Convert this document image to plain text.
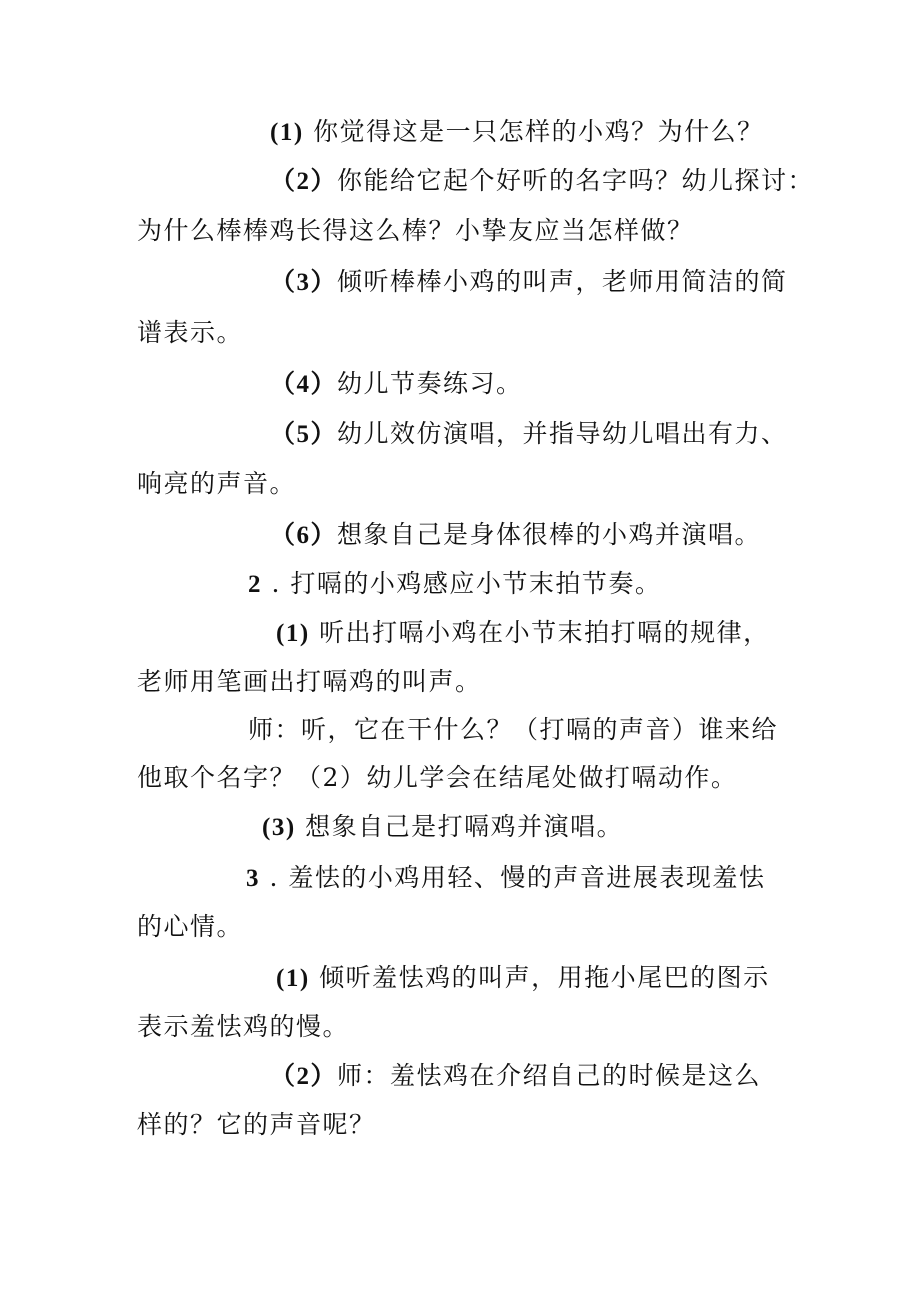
(1) 你觉得这是一只怎样的小鸡？为什么？
（2）你能给它起个好听的名字吗？幼儿探讨：
为什么棒棒鸡长得这么棒？小挚友应当怎样做？
（3）倾听棒棒小鸡的叫声，老师用简洁的简
谱表示。
（4）幼儿节奏练习。
（5）幼儿效仿演唱，并指导幼儿唱出有力、
响亮的声音。
（6）想象自己是身体很棒的小鸡并演唱。
2 . 打嗝的小鸡感应小节末拍节奏。
(1) 听出打嗝小鸡在小节末拍打嗝的规律，
老师用笔画出打嗝鸡的叫声。
师：听，它在干什么？（打嗝的声音）谁来给
他取个名字？（2）幼儿学会在结尾处做打嗝动作。
(3) 想象自己是打嗝鸡并演唱。
3 . 羞怯的小鸡用轻、慢的声音进展表现羞怯
的心情。
(1) 倾听羞怯鸡的叫声，用拖小尾巴的图示
表示羞怯鸡的慢。
（2）师：羞怯鸡在介绍自己的时候是这么
样的？它的声音呢？
